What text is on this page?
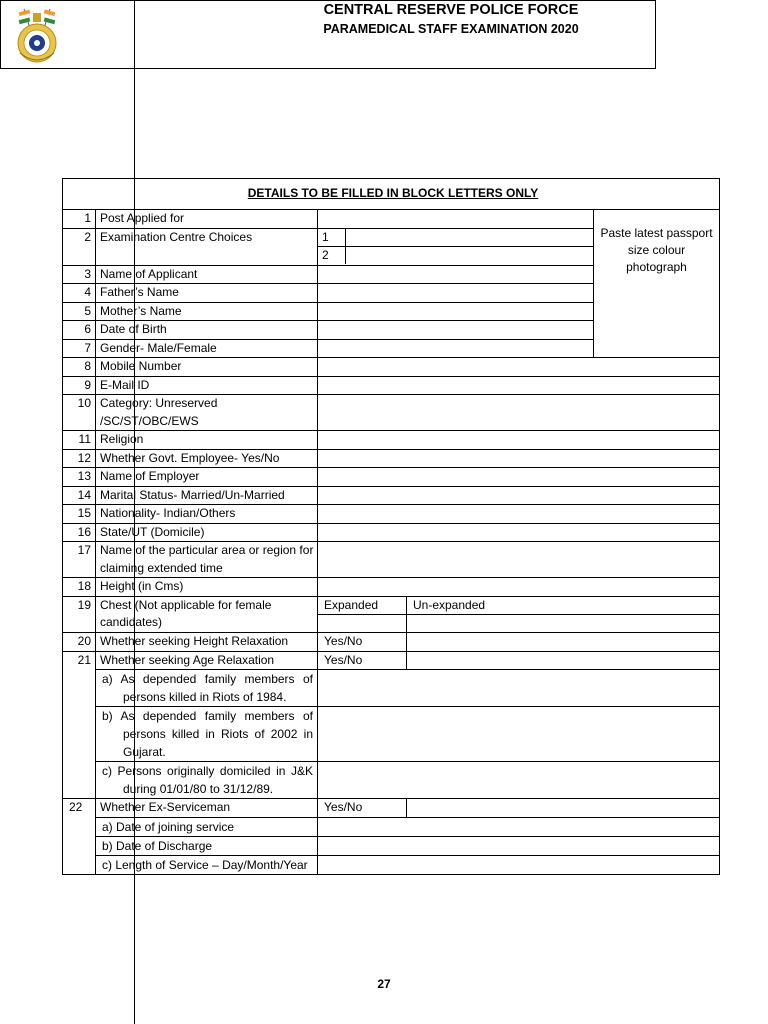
CENTRAL RESERVE POLICE FORCE
PARAMEDICAL STAFF EXAMINATION 2020
DETAILS TO BE FILLED IN BLOCK LETTERS ONLY				
1	Post Applied for			Paste latest passport size colour photograph
2	Examination Centre Choices	1		

		2		

3	Name of Applicant			
4	Father’s Name			
5	Mother’s Name			
6	Date of Birth			
7	Gender- Male/Female			
8	Mobile Number			
9	E-Mail ID			
10	Category: Unreserved /SC/ST/OBC/EWS			
11	Religion			
12	Whether Govt. Employee- Yes/No			
13	Name of Employer			
14	Marital Status- Married/Un-Married			
15	Nationality- Indian/Others			
16	State/UT (Domicile)			
17	Name of the particular area or region for claiming extended time			
18	Height (in Cms)			
19	Chest (Not applicable for female candidates)	Expanded	Un-expanded	

20	Whether seeking Height Relaxation	Yes/No		
21	Whether seeking Age Relaxation	Yes/No		

	a) As depended family members of persons killed in Riots of 1984.			

	b) As depended family members of persons killed in Riots of 2002 in Gujarat.			

	c) Persons originally domiciled in J&K during 01/01/80 to 31/12/89.			

22	Whether Ex-Serviceman	Yes/No		

	a) Date of joining service			

	b) Date of Discharge			

	c) Length of Service – Day/Month/Year			

27
